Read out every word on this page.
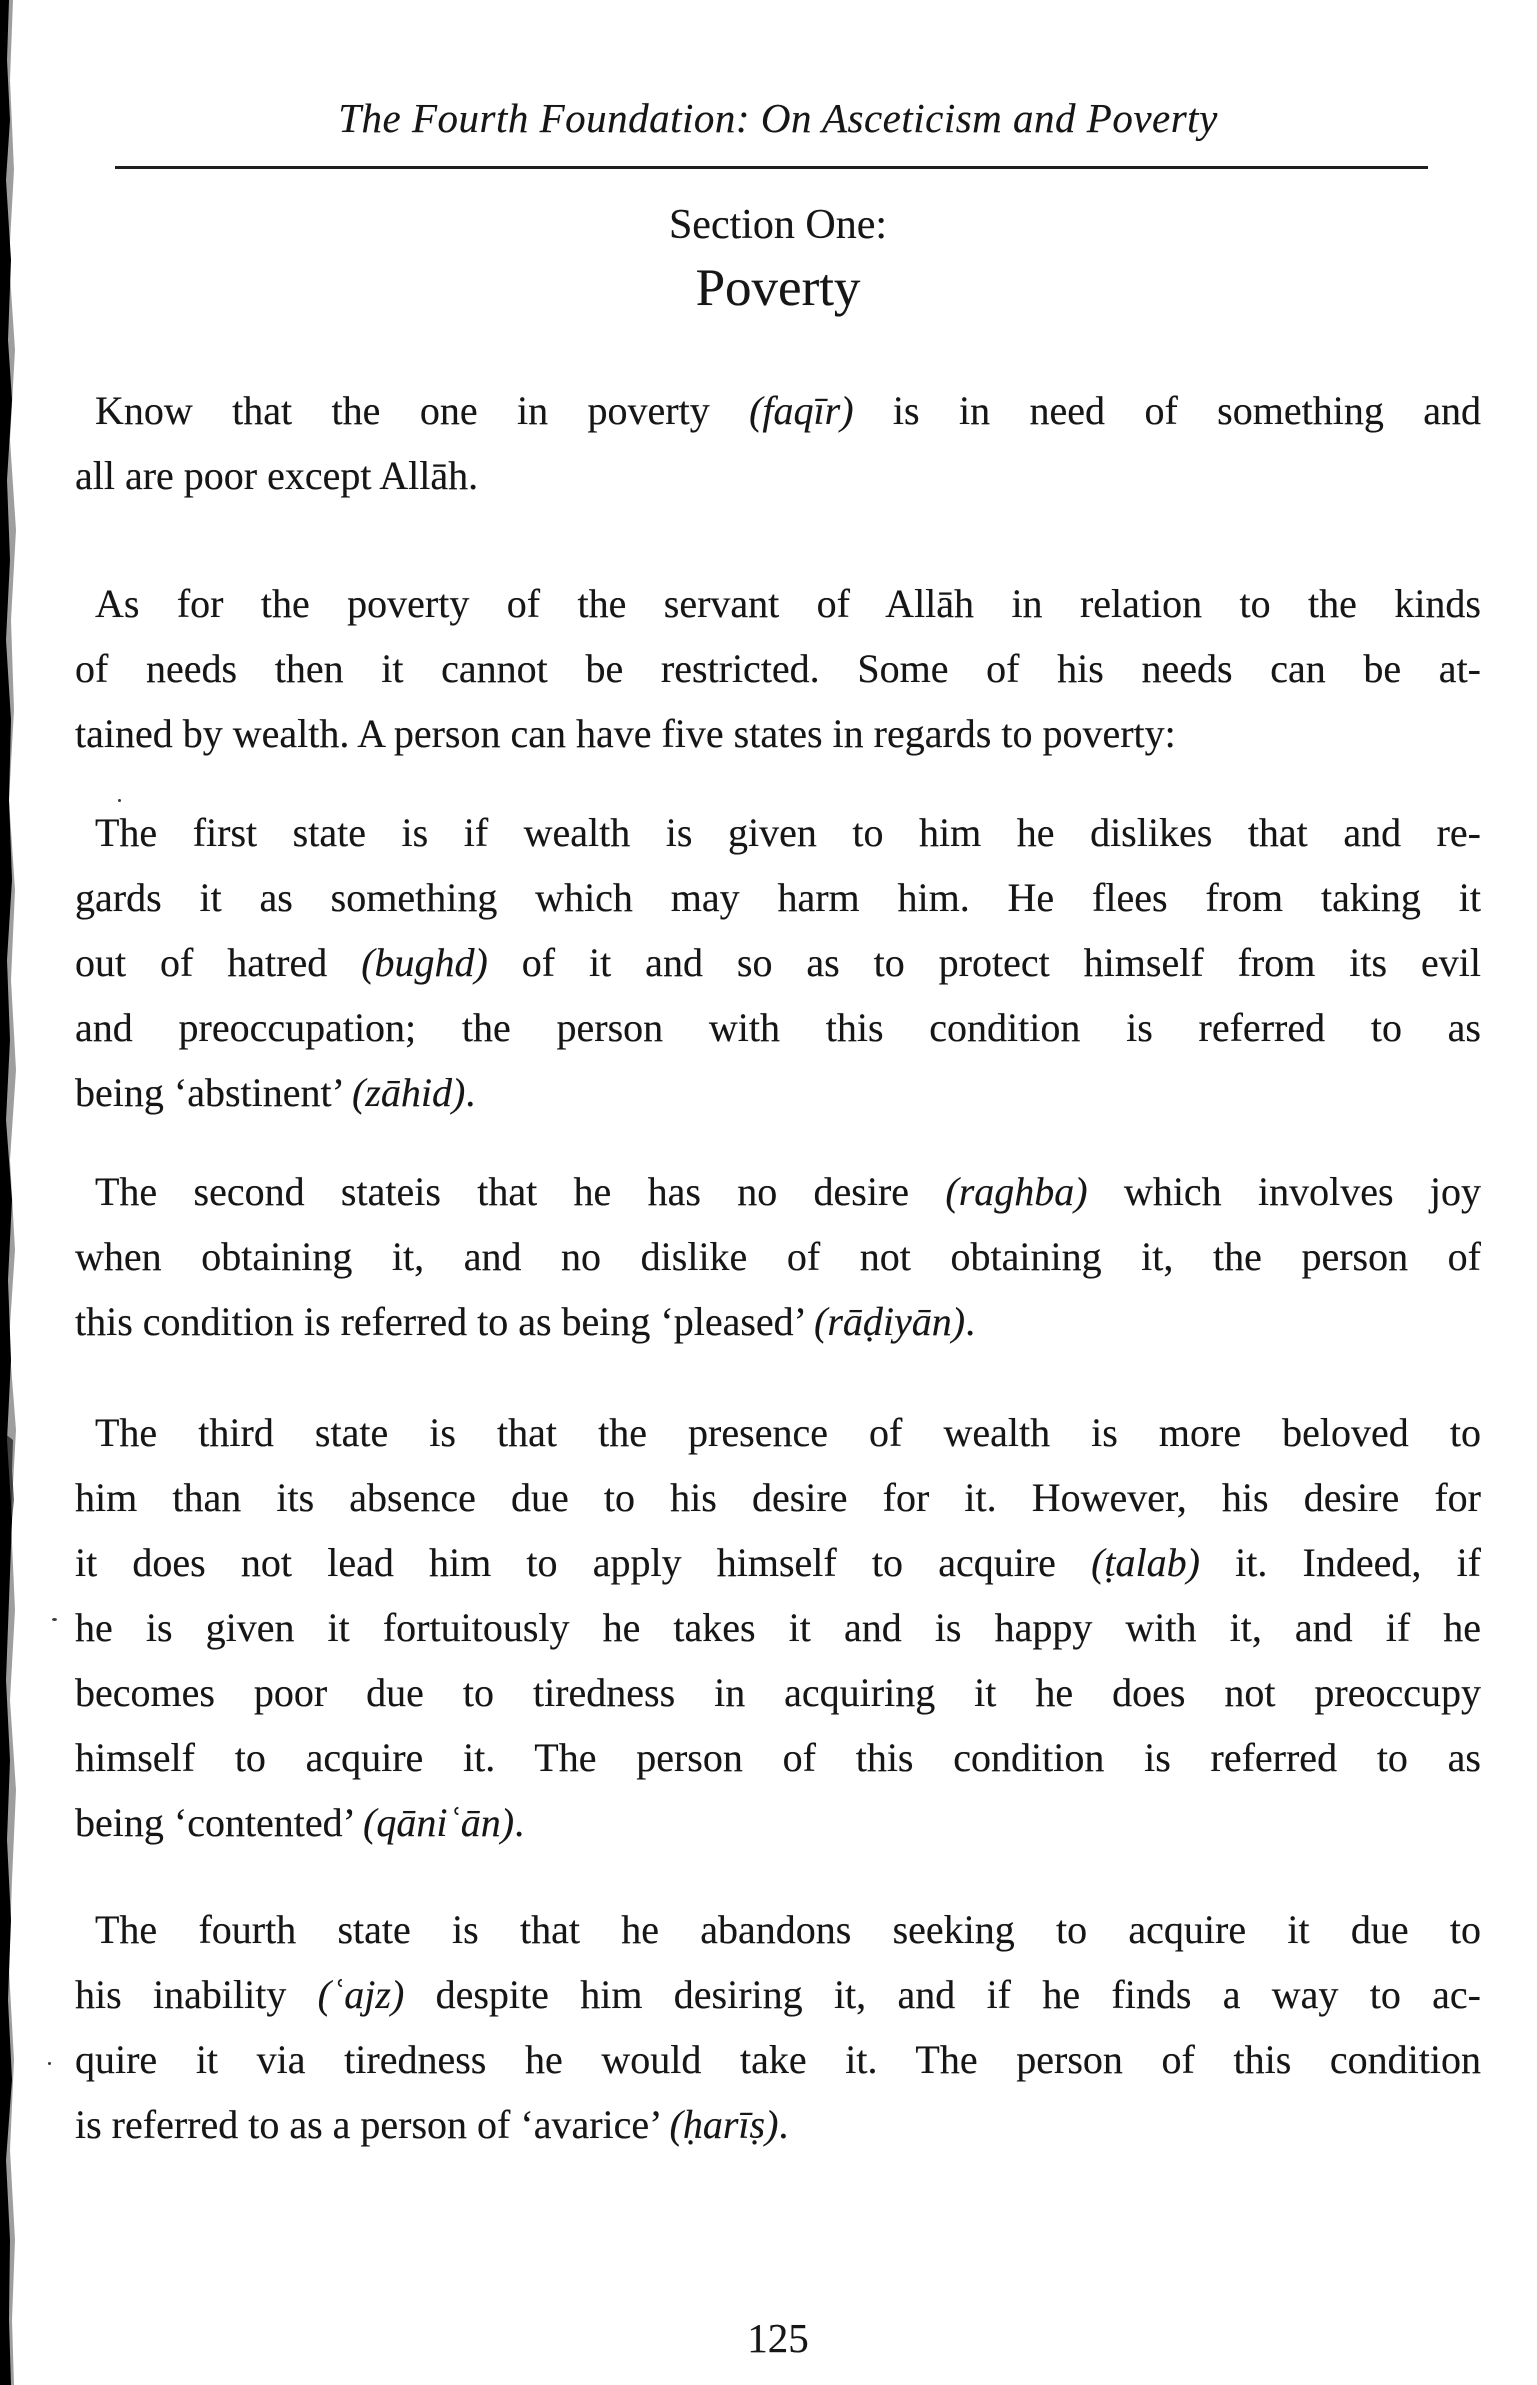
The Fourth Foundation: On Asceticism and Poverty
Section One:
Poverty
Know that the one in poverty (faqīr) is in need of something and
all are poor except Allāh.
As for the poverty of the servant of Allāh in relation to the kinds
of needs then it cannot be restricted. Some of his needs can be at-
tained by wealth. A person can have five states in regards to poverty:
The first state is if wealth is given to him he dislikes that and re-
gards it as something which may harm him. He flees from taking it
out of hatred (bughd) of it and so as to protect himself from its evil
and preoccupation; the person with this condition is referred to as
being ‘abstinent’ (zāhid).
The second stateis that he has no desire (raghba) which involves joy
when obtaining it, and no dislike of not obtaining it, the person of
this condition is referred to as being ‘pleased’ (rāḍiyān).
The third state is that the presence of wealth is more beloved to
him than its absence due to his desire for it. However, his desire for
it does not lead him to apply himself to acquire (ṭalab) it. Indeed, if
he is given it fortuitously he takes it and is happy with it, and if he
becomes poor due to tiredness in acquiring it he does not preoccupy
himself to acquire it. The person of this condition is referred to as
being ‘contented’ (qāniʿān).
The fourth state is that he abandons seeking to acquire it due to
his inability (ʿajz) despite him desiring it, and if he finds a way to ac-
quire it via tiredness he would take it. The person of this condition
is referred to as a person of ‘avarice’ (ḥarīṣ).
125
